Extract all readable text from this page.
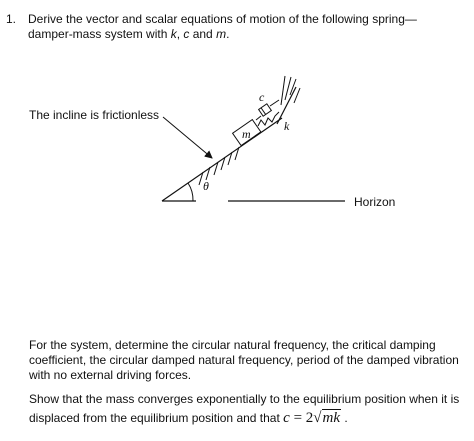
1. Derive the vector and scalar equations of motion of the following spring—
damper-mass system with k, c and m.
θ
m
k
c
The incline is frictionless
Horizon
For the system, determine the circular natural frequency, the critical damping coefficient, the circular damped natural frequency, period of the damped vibration with no external driving forces.
Show that the mass converges exponentially to the equilibrium position when it is displaced from the equilibrium position and that c = 2√mk .
